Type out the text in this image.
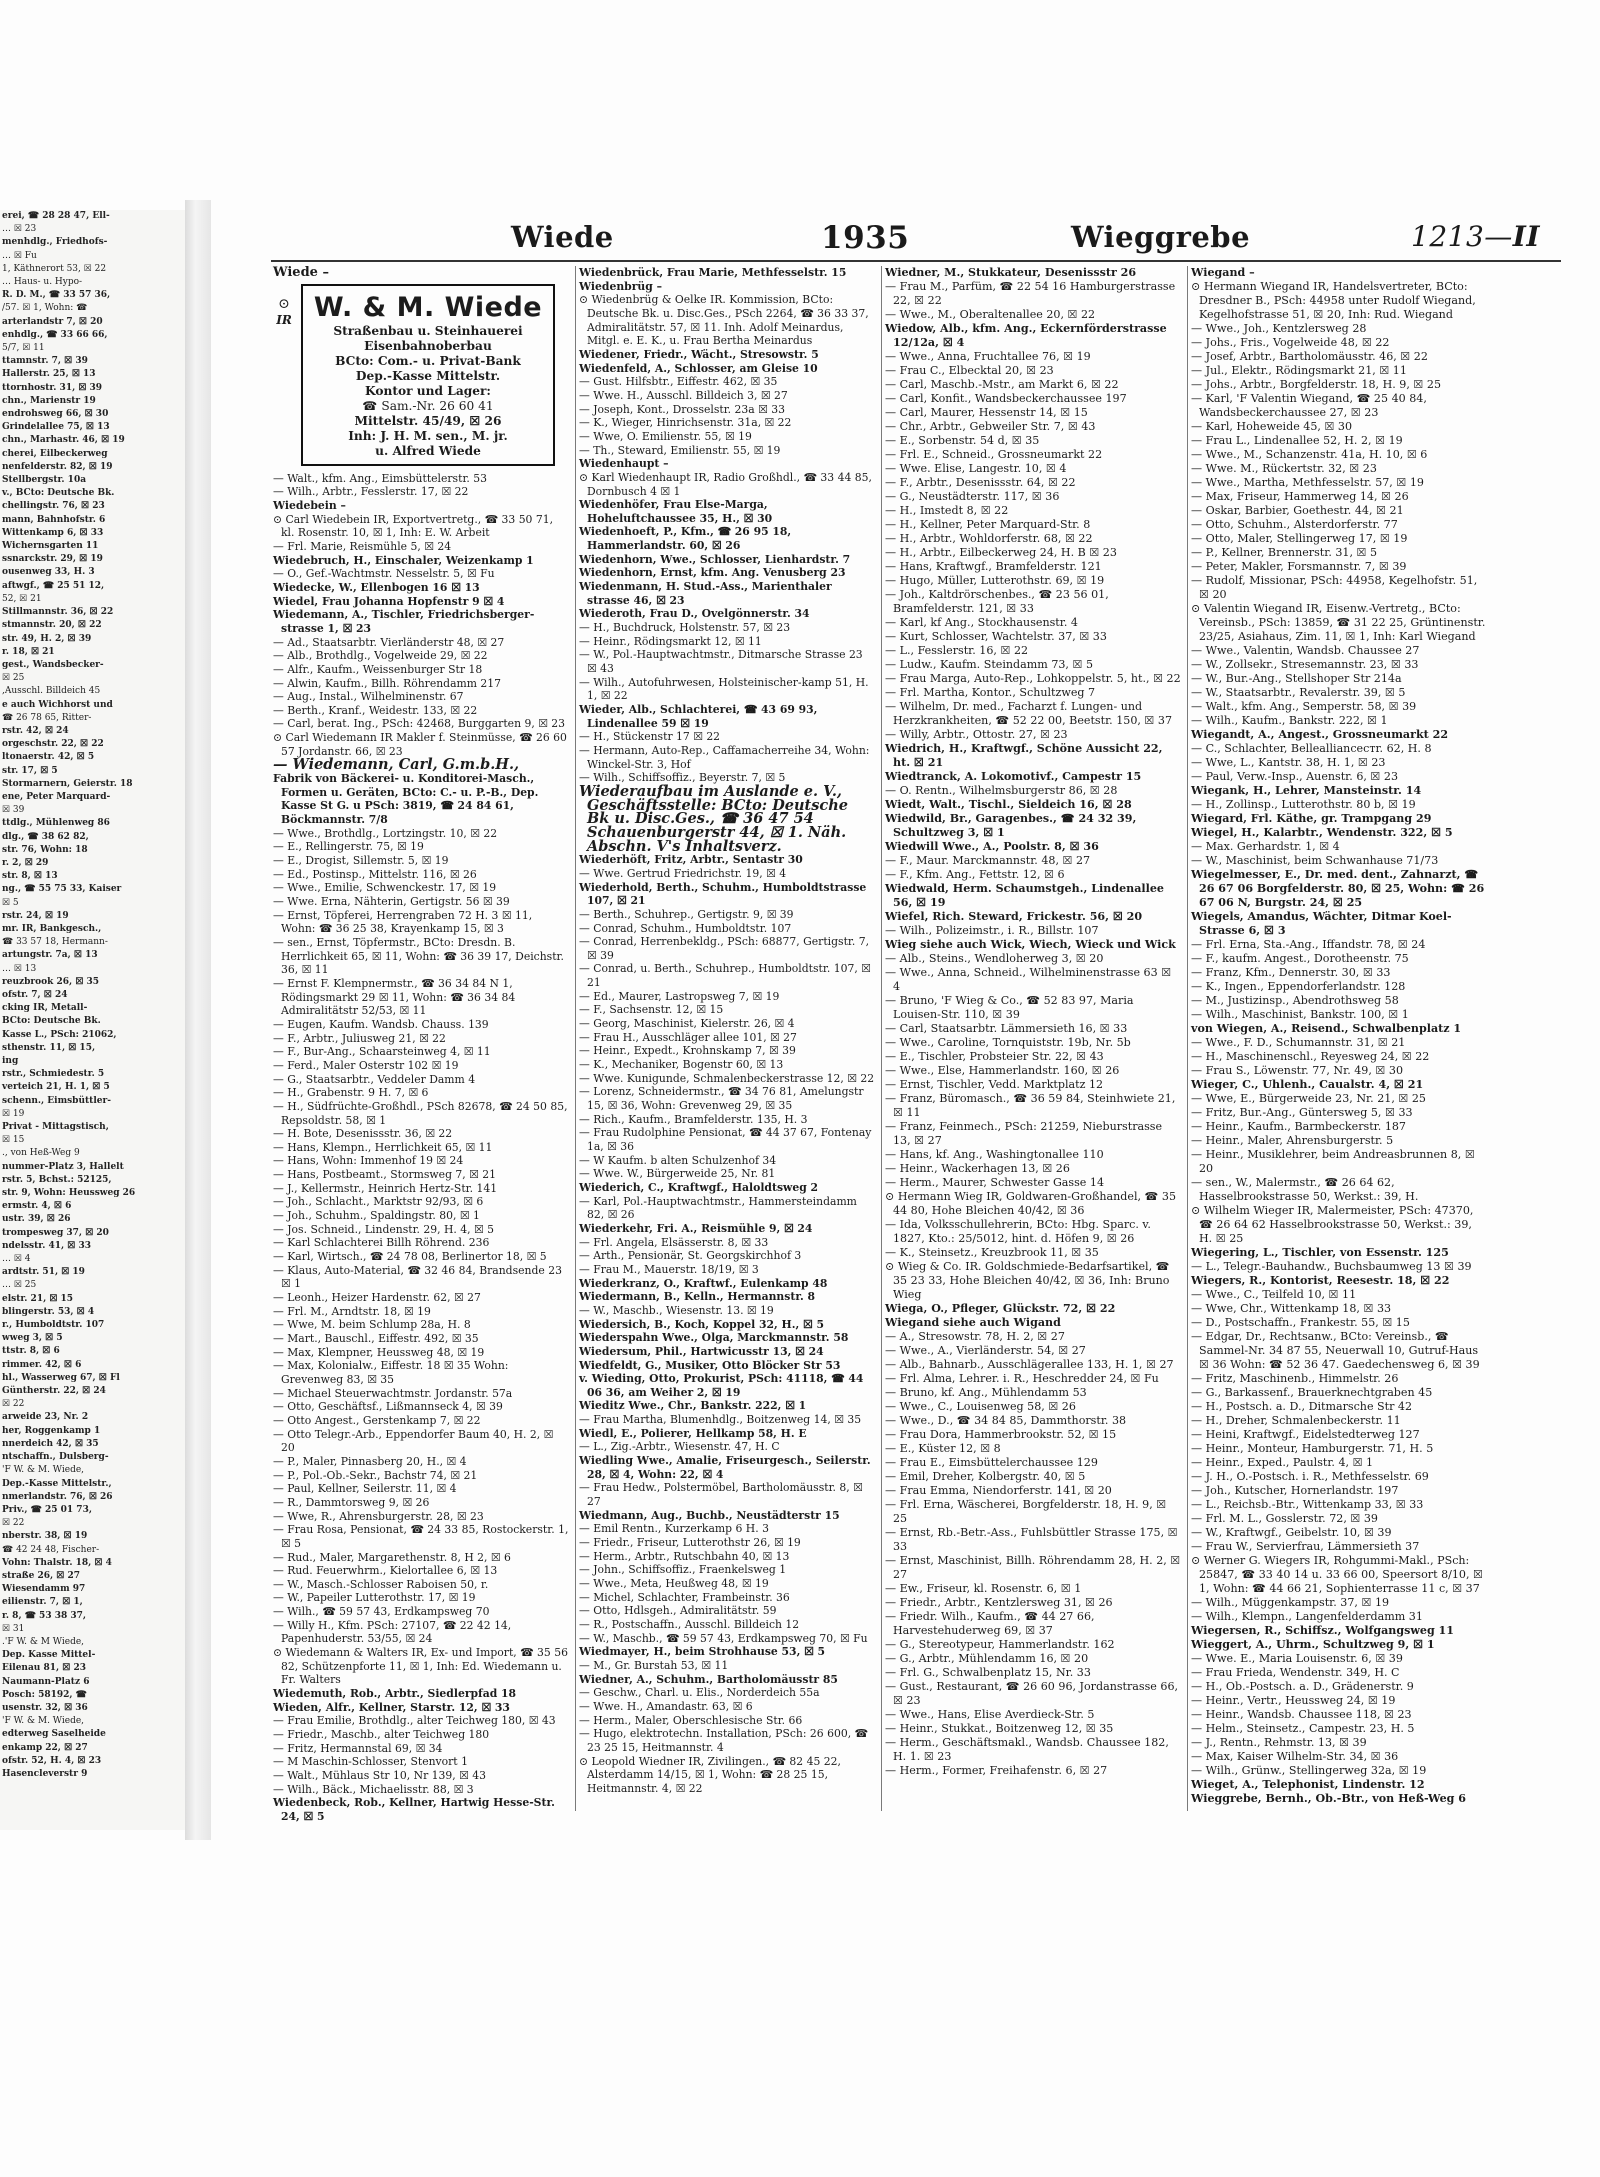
erei, ☎ 28 28 47, Ell-
… ☒ 23
menhdlg., Friedhofs-
… ☒ Fu
1, Käthnerort 53, ☒ 22
… Haus- u. Hypo-
R. D. M., ☎ 33 57 36,
/57. ☒ 1, Wohn: ☎
arterlandstr 7, ☒ 20
enhdlg., ☎ 33 66 66,
5/7, ☒ 11
ttamnstr. 7, ☒ 39
Hallerstr. 25, ☒ 13
ttornhostr. 31, ☒ 39
chn., Marienstr 19
endrohsweg 66, ☒ 30
Grindelallee 75, ☒ 13
chn., Marhastr. 46, ☒ 19
cherei, Eilbeckerweg
nenfelderstr. 82, ☒ 19
Stellbergstr. 10a
v., BCto: Deutsche Bk.
chellingstr. 76, ☒ 23
mann, Bahnhofstr. 6
Wittenkamp 6, ☒ 33
Wichernsgarten 11
ssnarckstr. 29, ☒ 19
ousenweg 33, H. 3
aftwgf., ☎ 25 51 12,
52, ☒ 21
Stillmannstr. 36, ☒ 22
stmannstr. 20, ☒ 22
str. 49, H. 2, ☒ 39
r. 18, ☒ 21
gest., Wandsbecker-
☒ 25
,Ausschl. Billdeich 45
e auch Wichhorst und
☎ 26 78 65, Ritter-
rstr. 42, ☒ 24
orgeschstr. 22, ☒ 22
ltonaerstr. 42, ☒ 5
str. 17, ☒ 5
Stormarnern, Geierstr. 18
ene, Peter Marquard-
☒ 39
ttdlg., Mühlenweg 86
dlg., ☎ 38 62 82,
str. 76, Wohn: 18
r. 2, ☒ 29
str. 8, ☒ 13
ng., ☎ 55 75 33, Kaiser
☒ 5
rstr. 24, ☒ 19
mr. IR, Bankgesch.,
☎ 33 57 18, Hermann-
artungstr. 7a, ☒ 13
… ☒ 13
reuzbrook 26, ☒ 35
ofstr. 7, ☒ 24
cking IR, Metall-
BCto: Deutsche Bk.
Kasse L., PSch: 21062,
sthenstr. 11, ☒ 15,
ing
rstr., Schmiedestr. 5
verteich 21, H. 1, ☒ 5
schenn., Eimsbüttler-
☒ 19
Privat - Mittagstisch,
☒ 15
., von Heß-Weg 9
nummer-Platz 3, Hallelt
rstr. 5, Bchst.: 52125,
str. 9, Wohn: Heussweg 26
ermstr. 4, ☒ 6
ustr. 39, ☒ 26
trompesweg 37, ☒ 20
ndelsstr. 41, ☒ 33
… ☒ 4
ardtstr. 51, ☒ 19
… ☒ 25
elstr. 21, ☒ 15
blingerstr. 53, ☒ 4
r., Humboldtstr. 107
wweg 3, ☒ 5
ttstr. 8, ☒ 6
rimmer. 42, ☒ 6
hl., Wasserweg 67, ☒ Fl
Güntherstr. 22, ☒ 24
☒ 22
arweide 23, Nr. 2
her, Roggenkamp 1
nnerdeich 42, ☒ 35
ntschaffn., Dulsberg-
'F W. & M. Wiede,
Dep.-Kasse Mittelstr.,
nmerlandstr. 76, ☒ 26
Priv., ☎ 25 01 73,
☒ 22
nberstr. 38, ☒ 19
☎ 42 24 48, Fischer-
Vohn: Thalstr. 18, ☒ 4
straße 26, ☒ 27
Wiesendamm 97
eilienstr. 7, ☒ 1,
r. 8, ☎ 53 38 37,
☒ 31
.'F W. & M Wiede,
Dep. Kasse Mittel-
Eilenau 81, ☒ 23
Naumann-Platz 6
Posch: 58192, ☎
usenstr. 32, ☒ 36
'F W. & M. Wiede,
edterweg Saselheide
enkamp 22, ☒ 27
ofstr. 52, H. 4, ☒ 23
Hasencleverstr 9
Wiede	1935	Wieggrebe	1213—II
Wiede –
⊙
IR W. & M. Wiede
Straßenbau u. Steinhauerei
Eisenbahnoberbau
BCto: Com.- u. Privat-Bank
Dep.-Kasse Mittelstr.
Kontor und Lager:
☎ Sam.-Nr. 26 60 41
Mittelstr. 45/49, ☒ 26
Inh: J. H. M. sen., M. jr.
u. Alfred Wiede
— Walt., kfm. Ang., Eimsbüttelerstr. 53
— Wilh., Arbtr., Fesslerstr. 17, ☒ 22
Wiedebein –
⊙ Carl Wiedebein IR, Exportvertretg., ☎ 33 50 71, kl. Rosenstr. 10, ☒ 1, Inh: E. W. Arbeit
— Frl. Marie, Reismühle 5, ☒ 24
Wiedebruch, H., Einschaler, Weizenkamp 1
— O., Gef.-Wachtmstr. Nesselstr. 5, ☒ Fu
Wiedecke, W., Ellenbogen 16 ☒ 13
Wiedel, Frau Johanna Hopfenstr 9 ☒ 4
Wiedemann, A., Tischler, Friedrichsberger-strasse 1, ☒ 23
— Ad., Staatsarbtr. Vierländerstr 48, ☒ 27
— Alb., Brothdlg., Vogelweide 29, ☒ 22
— Alfr., Kaufm., Weissenburger Str 18
— Alwin, Kaufm., Billh. Röhrendamm 217
— Aug., Instal., Wilhelminenstr. 67
— Berth., Kranf., Weidestr. 133, ☒ 22
— Carl, berat. Ing., PSch: 42468, Burggarten 9, ☒ 23
⊙ Carl Wiedemann IR Makler f. Steinmüsse, ☎ 26 60 57 Jordanstr. 66, ☒ 23
— Wiedemann, Carl, G.m.b.H.,
Fabrik von Bäckerei- u. Konditorei-Masch., Formen u. Geräten, BCto: C.- u. P.-B., Dep. Kasse St G. u PSch: 3819, ☎ 24 84 61, Böckmannstr. 7/8
— Wwe., Brothdlg., Lortzingstr. 10, ☒ 22
— E., Rellingerstr. 75, ☒ 19
— E., Drogist, Sillemstr. 5, ☒ 19
— Ed., Postinsp., Mittelstr. 116, ☒ 26
— Wwe., Emilie, Schwenckestr. 17, ☒ 19
— Wwe. Erna, Nähterin, Gertigstr. 56 ☒ 39
— Ernst, Töpferei, Herrengraben 72 H. 3 ☒ 11, Wohn: ☎ 36 25 38, Krayenkamp 15, ☒ 3
— sen., Ernst, Töpfermstr., BCto: Dresdn. B. Herrlichkeit 65, ☒ 11, Wohn: ☎ 36 39 17, Deichstr. 36, ☒ 11
— Ernst F. Klempnermstr., ☎ 36 34 84 N 1, Rödingsmarkt 29 ☒ 11, Wohn: ☎ 36 34 84 Admiralitätstr 52/53, ☒ 11
— Eugen, Kaufm. Wandsb. Chauss. 139
— F., Arbtr., Juliusweg 21, ☒ 22
— F., Bur-Ang., Schaarsteinweg 4, ☒ 11
— Ferd., Maler Osterstr 102 ☒ 19
— G., Staatsarbtr., Veddeler Damm 4
— H., Grabenstr. 9 H. 7, ☒ 6
— H., Südfrüchte-Großhdl., PSch 82678, ☎ 24 50 85, Repsoldstr. 58, ☒ 1
— H. Bote, Desenissstr. 36, ☒ 22
— Hans, Klempn., Herrlichkeit 65, ☒ 11
— Hans, Wohn: Immenhof 19 ☒ 24
— Hans, Postbeamt., Stormsweg 7, ☒ 21
— J., Kellermstr., Heinrich Hertz-Str. 141
— Joh., Schlacht., Marktstr 92/93, ☒ 6
— Joh., Schuhm., Spaldingstr. 80, ☒ 1
— Jos. Schneid., Lindenstr. 29, H. 4, ☒ 5
— Karl Schlachterei Billh Röhrend. 236
— Karl, Wirtsch., ☎ 24 78 08, Berlinertor 18, ☒ 5
— Klaus, Auto-Material, ☎ 32 46 84, Brandsende 23 ☒ 1
— Leonh., Heizer Hardenstr. 62, ☒ 27
— Frl. M., Arndtstr. 18, ☒ 19
— Wwe, M. beim Schlump 28a, H. 8
— Mart., Bauschl., Eiffestr. 492, ☒ 35
— Max, Klempner, Heussweg 48, ☒ 19
— Max, Kolonialw., Eiffestr. 18 ☒ 35 Wohn: Grevenweg 83, ☒ 35
— Michael Steuerwachtmstr. Jordanstr. 57a
— Otto, Geschäftsf., Lißmannseck 4, ☒ 39
— Otto Angest., Gerstenkamp 7, ☒ 22
— Otto Telegr.-Arb., Eppendorfer Baum 40, H. 2, ☒ 20
— P., Maler, Pinnasberg 20, H., ☒ 4
— P., Pol.-Ob.-Sekr., Bachstr 74, ☒ 21
— Paul, Kellner, Seilerstr. 11, ☒ 4
— R., Dammtorsweg 9, ☒ 26
— Wwe, R., Ahrensburgerstr. 28, ☒ 23
— Frau Rosa, Pensionat, ☎ 24 33 85, Rostockerstr. 1, ☒ 5
— Rud., Maler, Margarethenstr. 8, H 2, ☒ 6
— Rud. Feuerwhrm., Kielortallee 6, ☒ 13
— W., Masch.-Schlosser Raboisen 50, r.
— W., Papeiler Lutterothstr. 17, ☒ 19
— Wilh., ☎ 59 57 43, Erdkampsweg 70
— Willy H., Kfm. PSch: 27107, ☎ 22 42 14, Papenhuderstr. 53/55, ☒ 24
⊙ Wiedemann & Walters IR, Ex- und Import, ☎ 35 56 82, Schützenpforte 11, ☒ 1, Inh: Ed. Wiedemann u. Fr. Walters
Wiedemuth, Rob., Arbtr., Siedlerpfad 18
Wieden, Alfr., Kellner, Starstr. 12, ☒ 33
— Frau Emilie, Brothdlg., alter Teichweg 180, ☒ 43
— Friedr., Maschb., alter Teichweg 180
— Fritz, Hermannstal 69, ☒ 34
— M Maschin-Schlosser, Stenvort 1
— Walt., Mühlaus Str 10, Nr 139, ☒ 43
— Wilh., Bäck., Michaelisstr. 88, ☒ 3
Wiedenbeck, Rob., Kellner, Hartwig Hesse-Str. 24, ☒ 5
Wiedenbrück, Frau Marie, Methfesselstr. 15
Wiedenbrüg –
⊙ Wiedenbrüg & Oelke IR. Kommission, BCto: Deutsche Bk. u. Disc.Ges., PSch 2264, ☎ 36 33 37, Admiralitätstr. 57, ☒ 11. Inh. Adolf Meinardus, Mitgl. e. E. K., u. Frau Bertha Meinardus
Wiedener, Friedr., Wächt., Stresowstr. 5
Wiedenfeld, A., Schlosser, am Gleise 10
— Gust. Hilfsbtr., Eiffestr. 462, ☒ 35
— Wwe. H., Ausschl. Billdeich 3, ☒ 27
— Joseph, Kont., Drosselstr. 23a ☒ 33
— K., Wieger, Hinrichsenstr. 31a, ☒ 22
— Wwe, O. Emilienstr. 55, ☒ 19
— Th., Steward, Emilienstr. 55, ☒ 19
Wiedenhaupt –
⊙ Karl Wiedenhaupt IR, Radio Großhdl., ☎ 33 44 85, Dornbusch 4 ☒ 1
Wiedenhöfer, Frau Else-Marga, Hoheluftchaussee 35, H., ☒ 30
Wiedenhoeft, P., Kfm., ☎ 26 95 18, Hammerlandstr. 60, ☒ 26
Wiedenhorn, Wwe., Schlosser, Lienhardstr. 7
Wiedenhorn, Ernst, kfm. Ang. Venusberg 23
Wiedenmann, H. Stud.-Ass., Marienthaler strasse 46, ☒ 23
Wiederoth, Frau D., Ovelgönnerstr. 34
— H., Buchdruck, Holstenstr. 57, ☒ 23
— Heinr., Rödingsmarkt 12, ☒ 11
— W., Pol.-Hauptwachtmstr., Ditmarsche Strasse 23 ☒ 43
— Wilh., Autofuhrwesen, Holsteinischer-kamp 51, H. 1, ☒ 22
Wieder, Alb., Schlachterei, ☎ 43 69 93, Lindenallee 59 ☒ 19
— H., Stückenstr 17 ☒ 22
— Hermann, Auto-Rep., Caffamacherreihe 34, Wohn: Winckel-Str. 3, Hof
— Wilh., Schiffsoffiz., Beyerstr. 7, ☒ 5
Wiederaufbau im Auslande e. V., Geschäftsstelle: BCto: Deutsche Bk u. Disc.Ges., ☎ 36 47 54 Schauenburgerstr 44, ☒ 1. Näh. Abschn. V's Inhaltsverz.
Wiederhöft, Fritz, Arbtr., Sentastr 30
— Wwe. Gertrud Friedrichstr. 19, ☒ 4
Wiederhold, Berth., Schuhm., Humboldtstrasse 107, ☒ 21
— Berth., Schuhrep., Gertigstr. 9, ☒ 39
— Conrad, Schuhm., Humboldtstr. 107
— Conrad, Herrenbekldg., PSch: 68877, Gertigstr. 7, ☒ 39
— Conrad, u. Berth., Schuhrep., Humboldtstr. 107, ☒ 21
— Ed., Maurer, Lastropsweg 7, ☒ 19
— F., Sachsenstr. 12, ☒ 15
— Georg, Maschinist, Kielerstr. 26, ☒ 4
— Frau H., Ausschläger allee 101, ☒ 27
— Heinr., Expedt., Krohnskamp 7, ☒ 39
— K., Mechaniker, Bogenstr 60, ☒ 13
— Wwe. Kunigunde, Schmalenbeckerstrasse 12, ☒ 22
— Lorenz, Schneidermstr., ☎ 34 76 81, Amelungstr 15, ☒ 36, Wohn: Grevenweg 29, ☒ 35
— Rich., Kaufm., Bramfelderstr. 135, H. 3
— Frau Rudolphine Pensionat, ☎ 44 37 67, Fontenay 1a, ☒ 36
— W Kaufm. b alten Schulzenhof 34
— Wwe. W., Bürgerweide 25, Nr. 81
Wiederich, C., Kraftwgf., Haloldtsweg 2
— Karl, Pol.-Hauptwachtmstr., Hammersteindamm 82, ☒ 26
Wiederkehr, Fri. A., Reismühle 9, ☒ 24
— Frl. Angela, Elsässerstr. 8, ☒ 33
— Arth., Pensionär, St. Georgskirchhof 3
— Frau M., Mauerstr. 18/19, ☒ 3
Wiederkranz, O., Kraftwf., Eulenkamp 48
Wiedermann, B., Kelln., Hermannstr. 8
— W., Maschb., Wiesenstr. 13. ☒ 19
Wiedersich, B., Koch, Koppel 32, H., ☒ 5
Wiederspahn Wwe., Olga, Marckmannstr. 58
Wiedersum, Phil., Hartwicusstr 13, ☒ 24
Wiedfeldt, G., Musiker, Otto Blöcker Str 53
v. Wieding, Otto, Prokurist, PSch: 41118, ☎ 44 06 36, am Weiher 2, ☒ 19
Wieditz Wwe., Chr., Bankstr. 222, ☒ 1
— Frau Martha, Blumenhdlg., Boitzenweg 14, ☒ 35
Wiedl, E., Polierer, Hellkamp 58, H. E
— L., Zig.-Arbtr., Wiesenstr. 47, H. C
Wiedling Wwe., Amalie, Friseurgesch., Seilerstr. 28, ☒ 4, Wohn: 22, ☒ 4
— Frau Hedw., Polstermöbel, Bartholomäusstr. 8, ☒ 27
Wiedmann, Aug., Buchb., Neustädterstr 15
— Emil Rentn., Kurzerkamp 6 H. 3
— Friedr., Friseur, Lutterothstr 26, ☒ 19
— Herm., Arbtr., Rutschbahn 40, ☒ 13
— John., Schiffsoffiz., Fraenkelsweg 1
— Wwe., Meta, Heußweg 48, ☒ 19
— Michel, Schlachter, Frambeinstr. 36
— Otto, Hdlsgeh., Admiralitätstr. 59
— R., Postschaffn., Ausschl. Billdeich 12
— W., Maschb., ☎ 59 57 43, Erdkampsweg 70, ☒ Fu
Wiedmayer, H., beim Strohhause 53, ☒ 5
— M., Gr. Burstah 53, ☒ 11
Wiedner, A., Schuhm., Bartholomäusstr 85
— Geschw., Charl. u. Elis., Norderdeich 55a
— Wwe. H., Amandastr. 63, ☒ 6
— Herm., Maler, Oberschlesische Str. 66
— Hugo, elektrotechn. Installation, PSch: 26 600, ☎ 23 25 15, Heitmannstr. 4
⊙ Leopold Wiedner IR, Zivilingen., ☎ 82 45 22, Alsterdamm 14/15, ☒ 1, Wohn: ☎ 28 25 15, Heitmannstr. 4, ☒ 22
Wiedner, M., Stukkateur, Desenissstr 26
— Frau M., Parfüm, ☎ 22 54 16 Hamburgerstrasse 22, ☒ 22
— Wwe., M., Oberaltenallee 20, ☒ 22
Wiedow, Alb., kfm. Ang., Eckernförderstrasse 12/12a, ☒ 4
— Wwe., Anna, Fruchtallee 76, ☒ 19
— Frau C., Elbecktal 20, ☒ 23
— Carl, Maschb.-Mstr., am Markt 6, ☒ 22
— Carl, Konfit., Wandsbeckerchaussee 197
— Carl, Maurer, Hessenstr 14, ☒ 15
— Chr., Arbtr., Gebweiler Str. 7, ☒ 43
— E., Sorbenstr. 54 d, ☒ 35
— Frl. E., Schneid., Grossneumarkt 22
— Wwe. Elise, Langestr. 10, ☒ 4
— F., Arbtr., Desenissstr. 64, ☒ 22
— G., Neustädterstr. 117, ☒ 36
— H., Imstedt 8, ☒ 22
— H., Kellner, Peter Marquard-Str. 8
— H., Arbtr., Wohldorferstr. 68, ☒ 22
— H., Arbtr., Eilbeckerweg 24, H. B ☒ 23
— Hans, Kraftwgf., Bramfelderstr. 121
— Hugo, Müller, Lutterothstr. 69, ☒ 19
— Joh., Kaltdrörschenbes., ☎ 23 56 01, Bramfelderstr. 121, ☒ 33
— Karl, kf Ang., Stockhausenstr. 4
— Kurt, Schlosser, Wachtelstr. 37, ☒ 33
— L., Fesslerstr. 16, ☒ 22
— Ludw., Kaufm. Steindamm 73, ☒ 5
— Frau Marga, Auto-Rep., Lohkoppelstr. 5, ht., ☒ 22
— Frl. Martha, Kontor., Schultzweg 7
— Wilhelm, Dr. med., Facharzt f. Lungen- und Herzkrankheiten, ☎ 52 22 00, Beetstr. 150, ☒ 37
— Willy, Arbtr., Ottostr. 27, ☒ 23
Wiedrich, H., Kraftwgf., Schöne Aussicht 22, ht. ☒ 21
Wiedtranck, A. Lokomotivf., Campestr 15
— O. Rentn., Wilhelmsburgerstr 86, ☒ 28
Wiedt, Walt., Tischl., Sieldeich 16, ☒ 28
Wiedwild, Br., Garagenbes., ☎ 24 32 39, Schultzweg 3, ☒ 1
Wiedwill Wwe., A., Poolstr. 8, ☒ 36
— F., Maur. Marckmannstr. 48, ☒ 27
— F., Kfm. Ang., Fettstr. 12, ☒ 6
Wiedwald, Herm. Schaumstgeh., Lindenallee 56, ☒ 19
Wiefel, Rich. Steward, Frickestr. 56, ☒ 20
— Wilh., Polizeimstr., i. R., Billstr. 107
Wieg siehe auch Wick, Wiech, Wieck und Wick
— Alb., Steins., Wendloherweg 3, ☒ 20
— Wwe., Anna, Schneid., Wilhelminenstrasse 63 ☒ 4
— Bruno, 'F Wieg & Co., ☎ 52 83 97, Maria Louisen-Str. 110, ☒ 39
— Carl, Staatsarbtr. Lämmersieth 16, ☒ 33
— Wwe., Caroline, Tornquiststr. 19b, Nr. 5b
— E., Tischler, Probsteier Str. 22, ☒ 43
— Wwe., Else, Hammerlandstr. 160, ☒ 26
— Ernst, Tischler, Vedd. Marktplatz 12
— Franz, Büromasch., ☎ 36 59 84, Steinhwiete 21, ☒ 11
— Franz, Feinmech., PSch: 21259, Nieburstrasse 13, ☒ 27
— Hans, kf. Ang., Washingtonallee 110
— Heinr., Wackerhagen 13, ☒ 26
— Herm., Maurer, Schwester Gasse 14
⊙ Hermann Wieg IR, Goldwaren-Großhandel, ☎ 35 44 80, Hohe Bleichen 40/42, ☒ 36
— Ida, Volksschullehrerin, BCto: Hbg. Sparc. v. 1827, Kto.: 25/5012, hint. d. Höfen 9, ☒ 26
— K., Steinsetz., Kreuzbrook 11, ☒ 35
⊙ Wieg & Co. IR. Goldschmiede-Bedarfsartikel, ☎ 35 23 33, Hohe Bleichen 40/42, ☒ 36, Inh: Bruno Wieg
Wiega, O., Pfleger, Glückstr. 72, ☒ 22
Wiegand siehe auch Wigand
— A., Stresowstr. 78, H. 2, ☒ 27
— Wwe., A., Vierländerstr. 54, ☒ 27
— Alb., Bahnarb., Ausschlägerallee 133, H. 1, ☒ 27
— Frl. Alma, Lehrer. i. R., Heschredder 24, ☒ Fu
— Bruno, kf. Ang., Mühlendamm 53
— Wwe., C., Louisenweg 58, ☒ 26
— Wwe., D., ☎ 34 84 85, Dammthorstr. 38
— Frau Dora, Hammerbrookstr. 52, ☒ 15
— E., Küster 12, ☒ 8
— Frau E., Eimsbüttelerchaussee 129
— Emil, Dreher, Kolbergstr. 40, ☒ 5
— Frau Emma, Niendorferstr. 141, ☒ 20
— Frl. Erna, Wäscherei, Borgfelderstr. 18, H. 9, ☒ 25
— Ernst, Rb.-Betr.-Ass., Fuhlsbüttler Strasse 175, ☒ 33
— Ernst, Maschinist, Billh. Röhrendamm 28, H. 2, ☒ 27
— Ew., Friseur, kl. Rosenstr. 6, ☒ 1
— Friedr., Arbtr., Kentzlersweg 31, ☒ 26
— Friedr. Wilh., Kaufm., ☎ 44 27 66, Harvestehuderweg 69, ☒ 37
— G., Stereotypeur, Hammerlandstr. 162
— G., Arbtr., Mühlendamm 16, ☒ 20
— Frl. G., Schwalbenplatz 15, Nr. 33
— Gust., Restaurant, ☎ 26 60 96, Jordanstrasse 66, ☒ 23
— Wwe., Hans, Elise Averdieck-Str. 5
— Heinr., Stukkat., Boitzenweg 12, ☒ 35
— Herm., Geschäftsmakl., Wandsb. Chaussee 182, H. 1. ☒ 23
— Herm., Former, Freihafenstr. 6, ☒ 27
Wiegand –
⊙ Hermann Wiegand IR, Handelsvertreter, BCto: Dresdner B., PSch: 44958 unter Rudolf Wiegand, Kegelhofstrasse 51, ☒ 20, Inh: Rud. Wiegand
— Wwe., Joh., Kentzlersweg 28
— Johs., Fris., Vogelweide 48, ☒ 22
— Josef, Arbtr., Bartholomäusstr. 46, ☒ 22
— Jul., Elektr., Rödingsmarkt 21, ☒ 11
— Johs., Arbtr., Borgfelderstr. 18, H. 9, ☒ 25
— Karl, 'F Valentin Wiegand, ☎ 25 40 84, Wandsbeckerchaussee 27, ☒ 23
— Karl, Hoheweide 45, ☒ 30
— Frau L., Lindenallee 52, H. 2, ☒ 19
— Wwe., M., Schanzenstr. 41a, H. 10, ☒ 6
— Wwe. M., Rückertstr. 32, ☒ 23
— Wwe., Martha, Methfesselstr. 57, ☒ 19
— Max, Friseur, Hammerweg 14, ☒ 26
— Oskar, Barbier, Goethestr. 44, ☒ 21
— Otto, Schuhm., Alsterdorferstr. 77
— Otto, Maler, Stellingerweg 17, ☒ 19
— P., Kellner, Brennerstr. 31, ☒ 5
— Peter, Makler, Forsmannstr. 7, ☒ 39
— Rudolf, Missionar, PSch: 44958, Kegelhofstr. 51, ☒ 20
⊙ Valentin Wiegand IR, Eisenw.-Vertretg., BCto: Vereinsb., PSch: 13859, ☎ 31 22 25, Grüntinenstr. 23/25, Asiahaus, Zim. 11, ☒ 1, Inh: Karl Wiegand
— Wwe., Valentin, Wandsb. Chaussee 27
— W., Zollsekr., Stresemannstr. 23, ☒ 33
— W., Bur.-Ang., Stellshoper Str 214a
— W., Staatsarbtr., Revalerstr. 39, ☒ 5
— Walt., kfm. Ang., Semperstr. 58, ☒ 39
— Wilh., Kaufm., Bankstr. 222, ☒ 1
Wiegandt, A., Angest., Grossneumarkt 22
— C., Schlachter, Belleallianceстr. 62, H. 8
— Wwe, L., Kantstr. 38, H. 1, ☒ 23
— Paul, Verw.-Insp., Auenstr. 6, ☒ 23
Wiegank, H., Lehrer, Mansteinstr. 14
— H., Zollinsp., Lutterothstr. 80 b, ☒ 19
Wiegard, Frl. Käthe, gr. Trampgang 29
Wiegel, H., Kalarbtr., Wendenstr. 322, ☒ 5
— Max. Gerhardstr. 1, ☒ 4
— W., Maschinist, beim Schwanhause 71/73
Wiegelmesser, E., Dr. med. dent., Zahnarzt, ☎ 26 67 06 Borgfelderstr. 80, ☒ 25, Wohn: ☎ 26 67 06 N, Burgstr. 24, ☒ 25
Wiegels, Amandus, Wächter, Ditmar Koel-Strasse 6, ☒ 3
— Frl. Erna, Sta.-Ang., Iffandstr. 78, ☒ 24
— F., kaufm. Angest., Dorotheenstr. 75
— Franz, Kfm., Dennerstr. 30, ☒ 33
— K., Ingen., Eppendorferlandstr. 128
— M., Justizinsp., Abendrothsweg 58
— Wilh., Maschinist, Bankstr. 100, ☒ 1
von Wiegen, A., Reisend., Schwalbenplatz 1
— Wwe., F. D., Schumannstr. 31, ☒ 21
— H., Maschinenschl., Reyesweg 24, ☒ 22
— Frau S., Löwenstr. 77, Nr. 49, ☒ 30
Wieger, C., Uhlenh., Caualstr. 4, ☒ 21
— Wwe, E., Bürgerweide 23, Nr. 21, ☒ 25
— Fritz, Bur.-Ang., Güntersweg 5, ☒ 33
— Heinr., Kaufm., Barmbeckerstr. 187
— Heinr., Maler, Ahrensburgerstr. 5
— Heinr., Musiklehrer, beim Andreasbrunnen 8, ☒ 20
— sen., W., Malermstr., ☎ 26 64 62, Hasselbrookstrasse 50, Werkst.: 39, H.
⊙ Wilhelm Wieger IR, Malermeister, PSch: 47370, ☎ 26 64 62 Hasselbrookstrasse 50, Werkst.: 39, H. ☒ 25
Wiegering, L., Tischler, von Essenstr. 125
— L., Telegr.-Bauhandw., Buchsbaumweg 13 ☒ 39
Wiegers, R., Kontorist, Reesestr. 18, ☒ 22
— Wwe., C., Teilfeld 10, ☒ 11
— Wwe, Chr., Wittenkamp 18, ☒ 33
— D., Postschaffn., Frankestr. 55, ☒ 15
— Edgar, Dr., Rechtsanw., BCto: Vereinsb., ☎ Sammel-Nr. 34 87 55, Neuerwall 10, Gutruf-Haus ☒ 36 Wohn: ☎ 52 36 47. Gaedechensweg 6, ☒ 39
— Fritz, Maschinenb., Himmelstr. 26
— G., Barkassenf., Brauerknechtgraben 45
— H., Postsch. a. D., Ditmarsche Str 42
— H., Dreher, Schmalenbeckerstr. 11
— Heini, Kraftwgf., Eidelstedterweg 127
— Heinr., Monteur, Hamburgerstr. 71, H. 5
— Heinr., Exped., Paulstr. 4, ☒ 1
— J. H., O.-Postsch. i. R., Methfesselstr. 69
— Joh., Kutscher, Hornerlandstr. 197
— L., Reichsb.-Btr., Wittenkamp 33, ☒ 33
— Frl. M. L., Gosslerstr. 72, ☒ 39
— W., Kraftwgf., Geibelstr. 10, ☒ 39
— Frau W., Servierfrau, Lämmersieth 37
⊙ Werner G. Wiegers IR, Rohgummi-Makl., PSch: 25847, ☎ 33 40 14 u. 33 66 00, Speersort 8/10, ☒ 1, Wohn: ☎ 44 66 21, Sophienterrasse 11 c, ☒ 37
— Wilh., Müggenkampstr. 37, ☒ 19
— Wilh., Klempn., Langenfelderdamm 31
Wiegersen, R., Schiffsz., Wolfgangsweg 11
Wieggert, A., Uhrm., Schultzweg 9, ☒ 1
— Wwe. E., Maria Louisenstr. 6, ☒ 39
— Frau Frieda, Wendenstr. 349, H. C
— H., Ob.-Postsch. a. D., Grädenerstr. 9
— Heinr., Vertr., Heussweg 24, ☒ 19
— Heinr., Wandsb. Chaussee 118, ☒ 23
— Helm., Steinsetz., Campestr. 23, H. 5
— J., Rentn., Rehmstr. 13, ☒ 39
— Max, Kaiser Wilhelm-Str. 34, ☒ 36
— Wilh., Grünw., Stellingerweg 32a, ☒ 19
Wieget, A., Telephonist, Lindenstr. 12
Wieggrebe, Bernh., Ob.-Btr., von Heß-Weg 6
